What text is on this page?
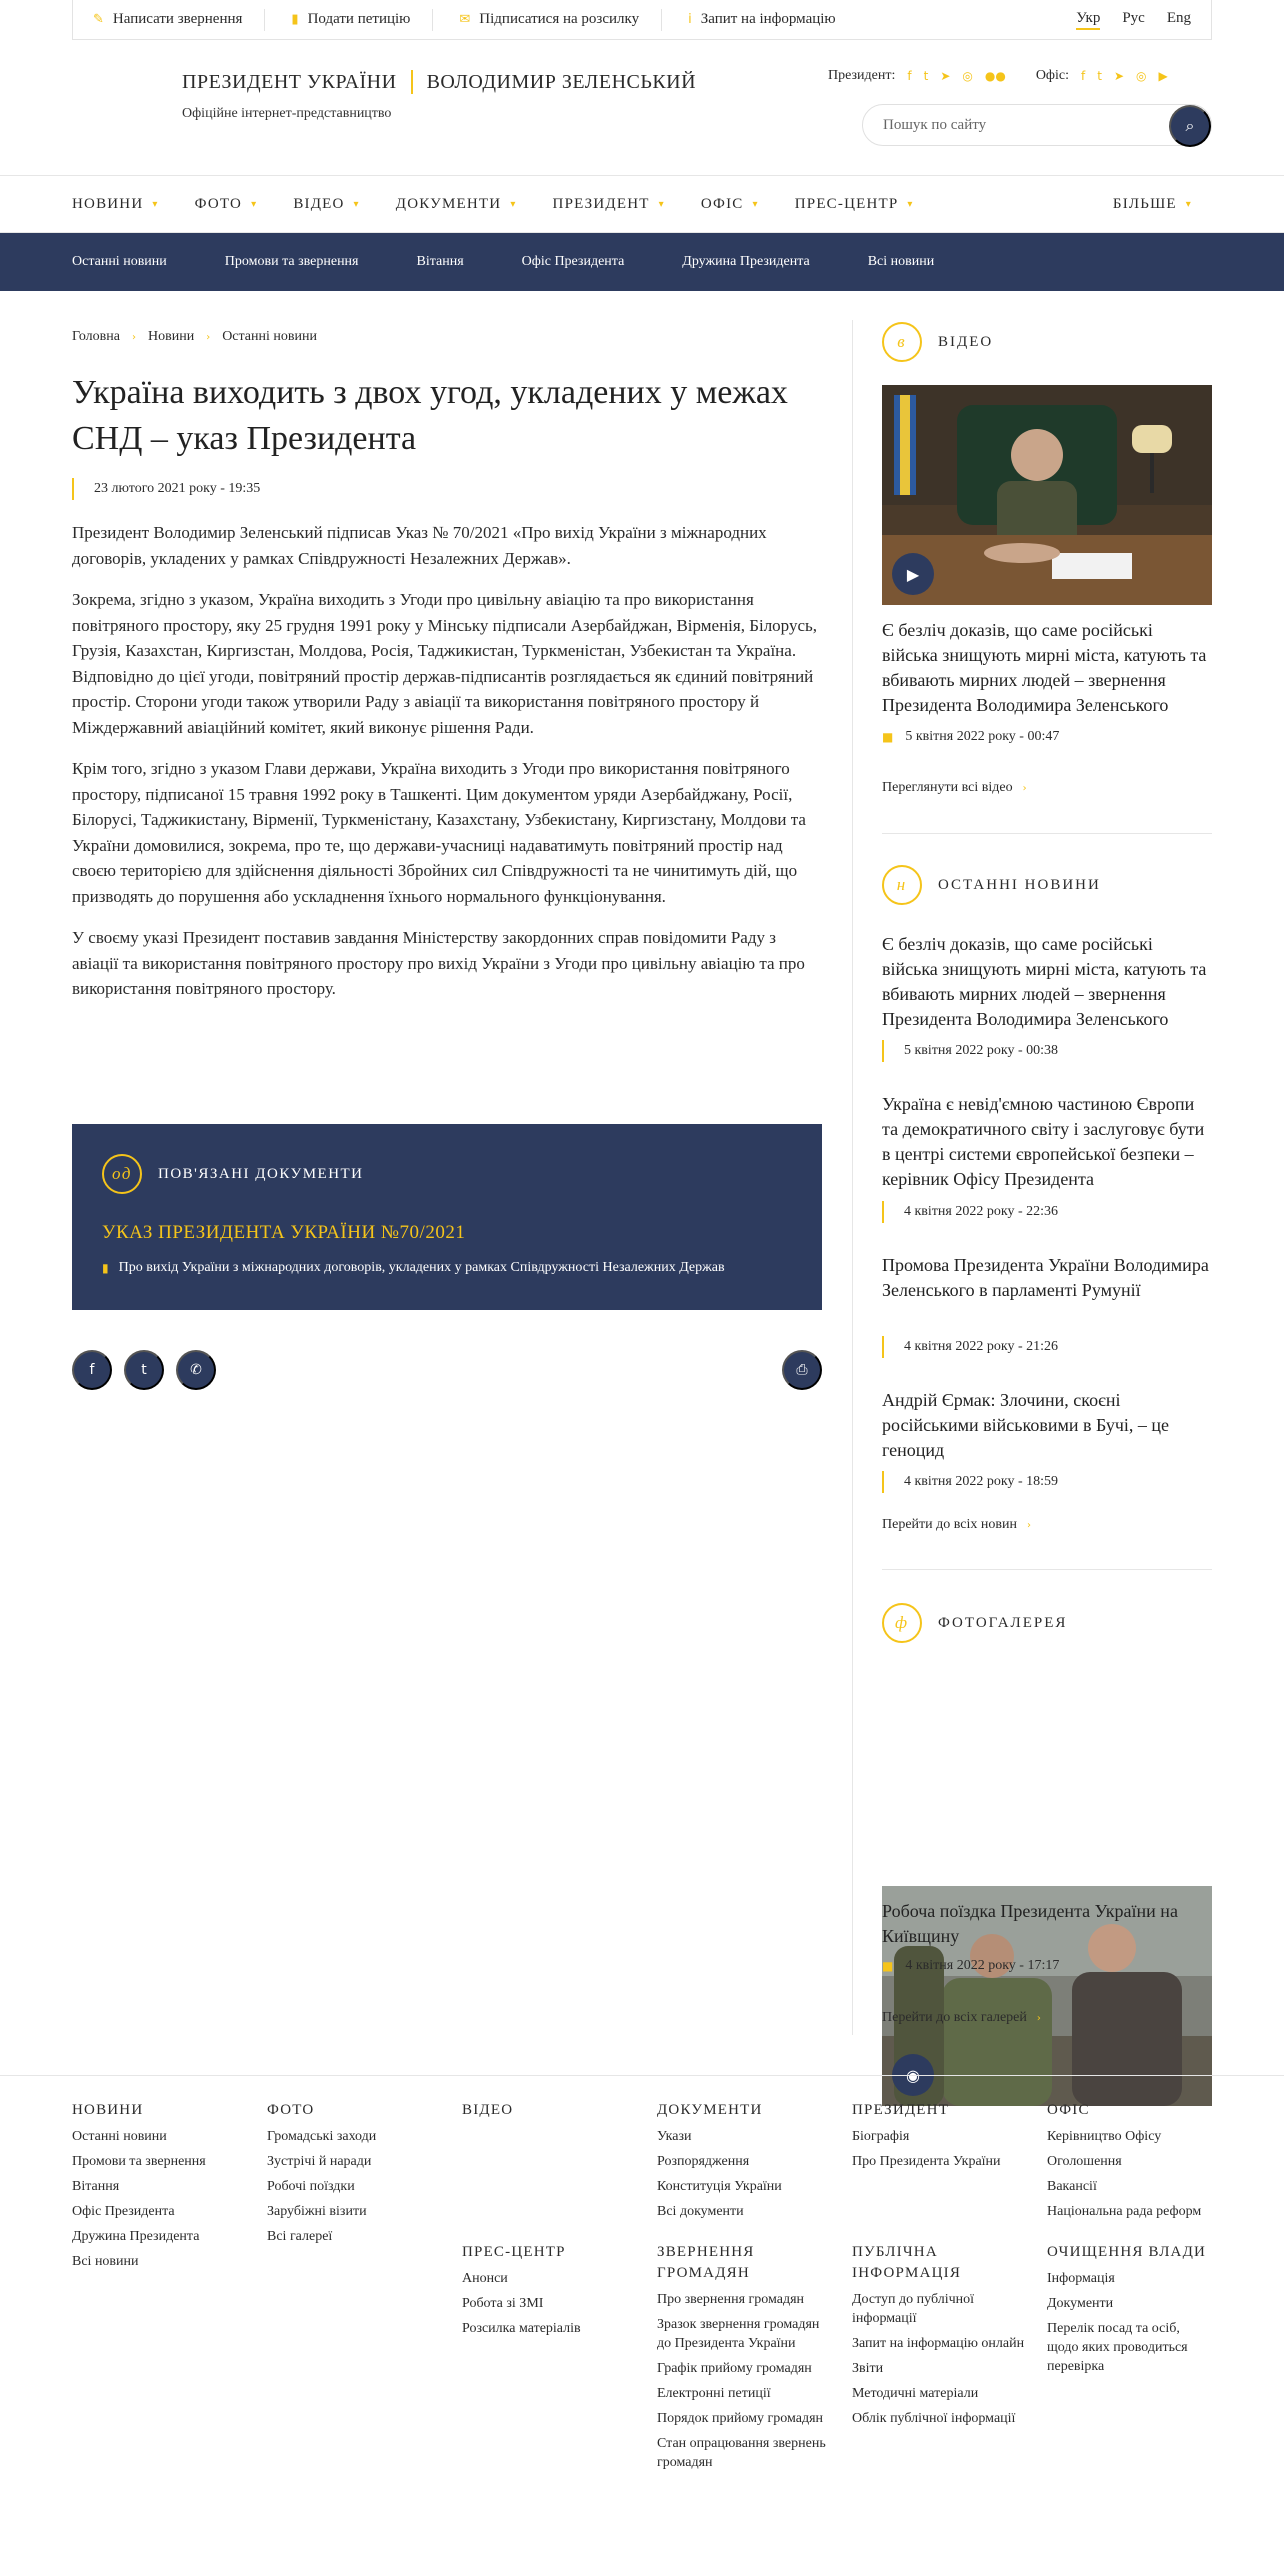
✎ Написати звернення	▮ Подати петицію	✉ Підписатися на розсилку	ⅰ Запит на інформацію	Укр Рус Eng
ПРЕЗИДЕНТ УКРАЇНИ ВОЛОДИМИР ЗЕЛЕНСЬКИЙ
Офіційне інтернет-представництво
Президент: f t ➤ ◎ ●● Офіс: f t ➤ ◎ ▶
Пошук по сайту
⌕
НОВИНИ ▾ ФОТО ▾ ВІДЕО ▾ ДОКУМЕНТИ ▾ ПРЕЗИДЕНТ ▾ ОФІС ▾ ПРЕС-ЦЕНТР ▾	БІЛЬШЕ ▾
Останні новини	Промови та звернення	Вітання	Офіс Президента	Дружина Президента	Всі новини
Головна › Новини › Останні новини
Україна виходить з двох угод, укладених у межах СНД – указ Президента
23 лютого 2021 року - 19:35

Президент Володимир Зеленський підписав Указ № 70/2021 «Про вихід України з міжнародних договорів, укладених у рамках Співдружності Незалежних Держав».

Зокрема, згідно з указом, Україна виходить з Угоди про цивільну авіацію та про використання повітряного простору, яку 25 грудня 1991 року у Мінську підписали Азербайджан, Вірменія, Білорусь, Грузія, Казахстан, Киргизстан, Молдова, Росія, Таджикистан, Туркменістан, Узбекистан та Україна. Відповідно до цієї угоди, повітряний простір держав-підписантів розглядається як єдиний повітряний простір. Сторони угоди також утворили Раду з авіації та використання повітряного простору й Міждержавний авіаційний комітет, який виконує рішення Ради.

Крім того, згідно з указом Глави держави, Україна виходить з Угоди про використання повітряного простору, підписаної 15 травня 1992 року в Ташкенті. Цим документом уряди Азербайджану, Росії, Білорусі, Таджикистану, Вірменії, Туркменістану, Казахстану, Узбекистану, Киргизстану, Молдови та України домовилися, зокрема, про те, що держави-учасниці надаватимуть повітряний простір над своєю територією для здійснення діяльності Збройних сил Співдружності та не чинитимуть дій, що призводять до порушення або ускладнення їхнього нормального функціонування.

У своєму указі Президент поставив завдання Міністерству закордонних справ повідомити Раду з авіації та використання повітряного простору про вихід України з Угоди про цивільну авіацію та про використання повітряного простору.

од	ПОВ'ЯЗАНІ ДОКУМЕНТИ
УКАЗ ПРЕЗИДЕНТА УКРАЇНИ №70/2021
▮ Про вихід України з міжнародних договорів, укладених у рамках Співдружності Незалежних Держав
f	t	✆	⎙
в	ВІДЕО
▶
Є безліч доказів, що саме російські війська знищують мирні міста, катують та вбивають мирних людей – звернення Президента Володимира Зеленського
■ 5 квітня 2022 року - 00:47
Переглянути всі відео ›
н	ОСТАННІ НОВИНИ
Є безліч доказів, що саме російські війська знищують мирні міста, катують та вбивають мирних людей – звернення Президента Володимира Зеленського
5 квітня 2022 року - 00:38
Україна є невід'ємною частиною Європи та демократичного світу і заслуговує бути в центрі системи європейської безпеки – керівник Офісу Президента
4 квітня 2022 року - 22:36
Промова Президента України Володимира Зеленського в парламенті Румунії
4 квітня 2022 року - 21:26
Андрій Єрмак: Злочини, скоєні російськими військовими в Бучі, – це геноцид
4 квітня 2022 року - 18:59
Перейти до всіх новин ›
ф	ФОТОГАЛЕРЕЯ
◉
Робоча поїздка Президента України на Київщину
■ 4 квітня 2022 року - 17:17
Перейти до всіх галерей ›
НОВИНИ
Останні новини
Промови та звернення
Вітання
Офіс Президента
Дружина Президента
Всі новини
ФОТО
Громадські заходи
Зустрічі й наради
Робочі поїздки
Зарубіжні візити
Всі галереї
ВІДЕО	ДОКУМЕНТИ
Укази
Розпорядження
Конституція України
Всі документи
ПРЕЗИДЕНТ
Біографія
Про Президента України
ОФІС
Керівництво Офісу
Оголошення
Вакансії
Національна рада реформ
ПРЕС-ЦЕНТР
Анонси
Робота зі ЗМІ
Розсилка матеріалів
ЗВЕРНЕННЯ ГРОМАДЯН
Про звернення громадян
Зразок звернення громадян до Президента України
Графік прийому громадян
Електронні петиції
Порядок прийому громадян
Стан опрацювання звернень громадян
ПУБЛІЧНА ІНФОРМАЦІЯ
Доступ до публічної інформації
Запит на інформацію онлайн
Звіти
Методичні матеріали
Облік публічної інформації
ОЧИЩЕННЯ ВЛАДИ
Інформація
Документи
Перелік посад та осіб, щодо яких проводиться перевірка
